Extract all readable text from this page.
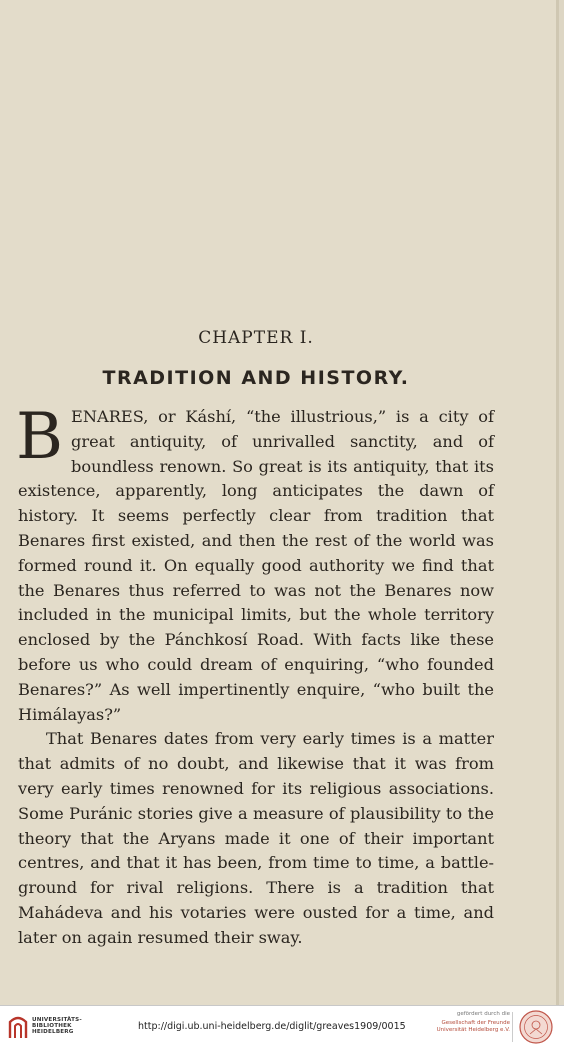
CHAPTER I.
TRADITION AND HISTORY.

BENARES, or Káshí, “the illustrious,” is a city of great antiquity, of unrivalled sanctity, and of boundless renown. So great is its antiquity, that its existence, apparently, long anticipates the dawn of history. It seems perfectly clear from tradition that Benares first existed, and then the rest of the world was formed round it. On equally good authority we find that the Benares thus referred to was not the Benares now included in the municipal limits, but the whole territory enclosed by the Pánchkosí Road. With facts like these before us who could dream of enquiring, “who founded Benares?” As well impertinently enquire, “who built the Himálayas?”

That Benares dates from very early times is a matter that admits of no doubt, and likewise that it was from very early times renowned for its religious associations. Some Puránic stories give a measure of plausibility to the theory that the Aryans made it one of their important centres, and that it has been, from time to time, a battle-ground for rival religions. There is a tradition that Mahádeva and his votaries were ousted for a time, and later on again resumed their sway.

UNIVERSITÄTS-
BIBLIOTHEK
HEIDELBERG
http://digi.ub.uni-heidelberg.de/diglit/greaves1909/0015
gefördert durch die
Gesellschaft der Freunde
Universität Heidelberg e.V.
